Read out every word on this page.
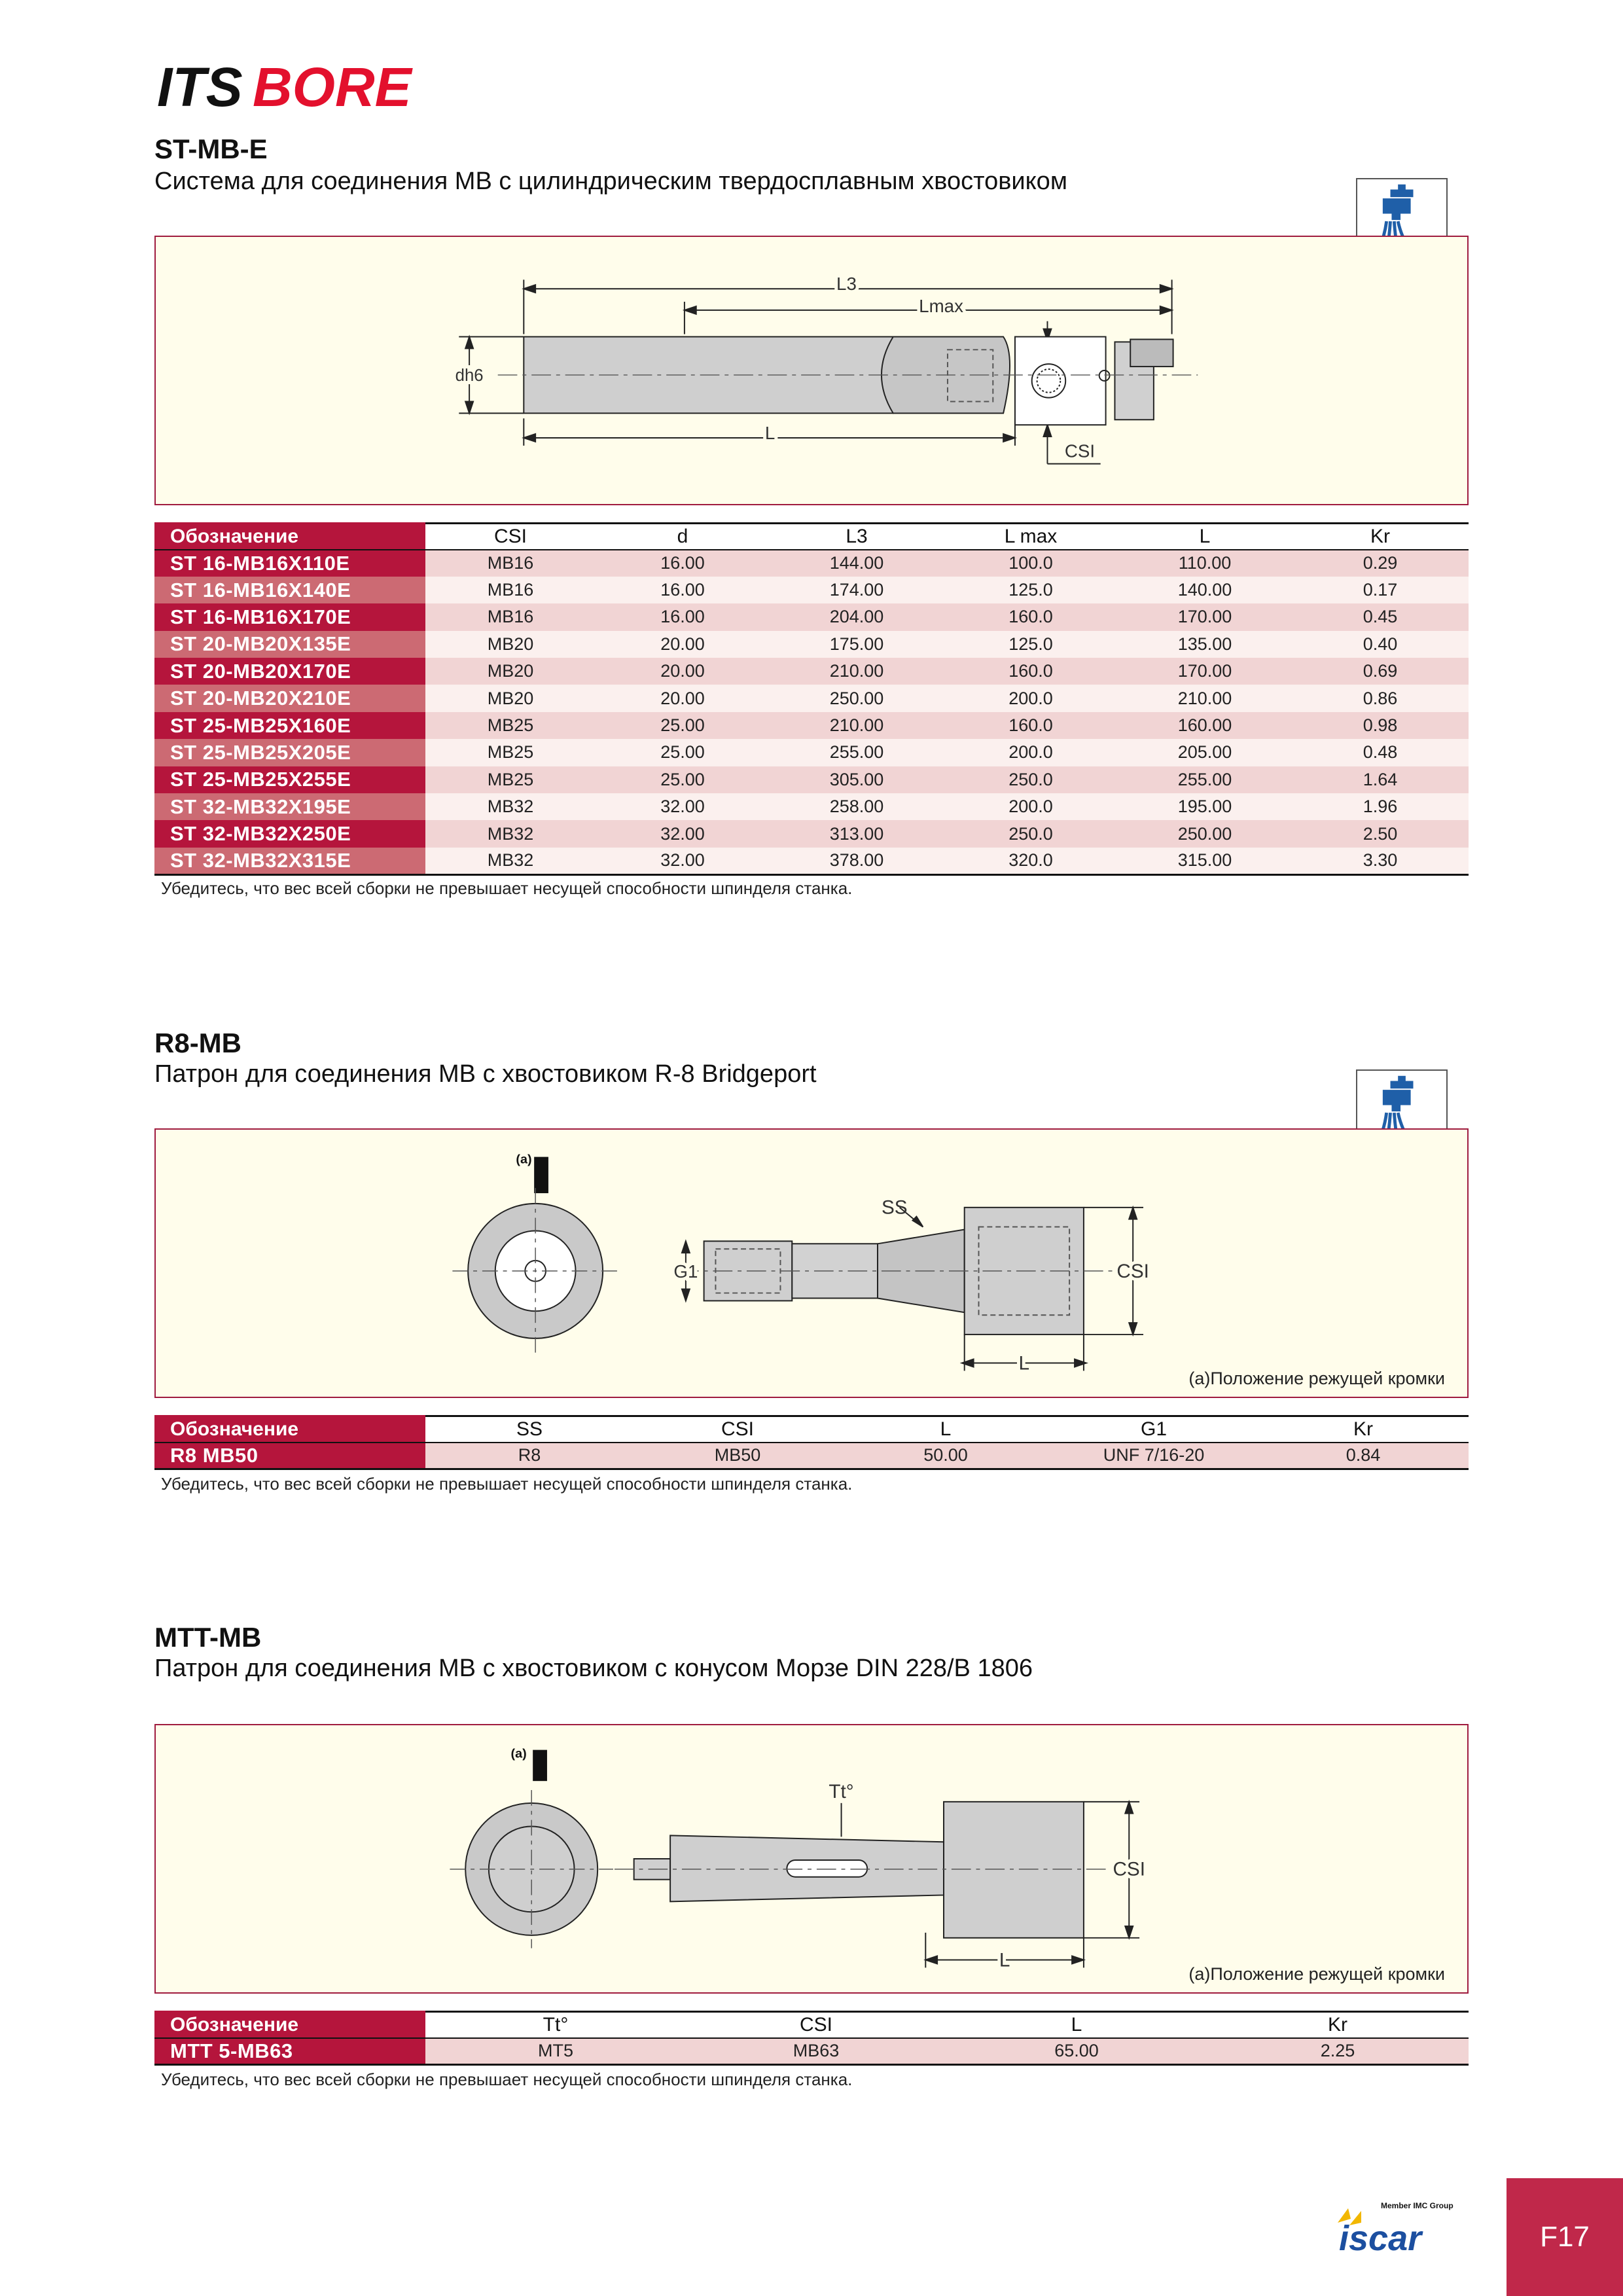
ITS BORE
ST-MB-E
Система для соединения MB с цилиндрическим твердосплавным хвостовиком
L3
Lmax
L
dh6
CSI
Обозначение	CSI	d	L3	L max	L	Kr
ST 16-MB16X110E	MB16	16.00	144.00	100.0	110.00	0.29
ST 16-MB16X140E	MB16	16.00	174.00	125.0	140.00	0.17
ST 16-MB16X170E	MB16	16.00	204.00	160.0	170.00	0.45
ST 20-MB20X135E	MB20	20.00	175.00	125.0	135.00	0.40
ST 20-MB20X170E	MB20	20.00	210.00	160.0	170.00	0.69
ST 20-MB20X210E	MB20	20.00	250.00	200.0	210.00	0.86
ST 25-MB25X160E	MB25	25.00	210.00	160.0	160.00	0.98
ST 25-MB25X205E	MB25	25.00	255.00	200.0	205.00	0.48
ST 25-MB25X255E	MB25	25.00	305.00	250.0	255.00	1.64
ST 32-MB32X195E	MB32	32.00	258.00	200.0	195.00	1.96
ST 32-MB32X250E	MB32	32.00	313.00	250.0	250.00	2.50
ST 32-MB32X315E	MB32	32.00	378.00	320.0	315.00	3.30
Убедитесь, что вес всей сборки не превышает несущей способности шпинделя станка.
R8-MB
Патрон для соединения MB с хвостовиком R-8 Bridgeport
(a)
SS
G1	CSI
L
(a)Положение режущей кромки
Обозначение	SS	CSI	L	G1	Kr
R8 MB50	R8	MB50	50.00	UNF 7/16-20	0.84
Убедитесь, что вес всей сборки не превышает несущей способности шпинделя станка.
MTT-MB
Патрон для соединения MB с хвостовиком с конусом Морзе DIN 228/B 1806
(a)
Tt°
CSI
L
(a)Положение режущей кромки
Обозначение	Tt°	CSI	L	Kr
MTT 5-MB63	MT5	MB63	65.00	2.25
Убедитесь, что вес всей сборки не превышает несущей способности шпинделя станка.
Member IMC Group
iscar	F17
